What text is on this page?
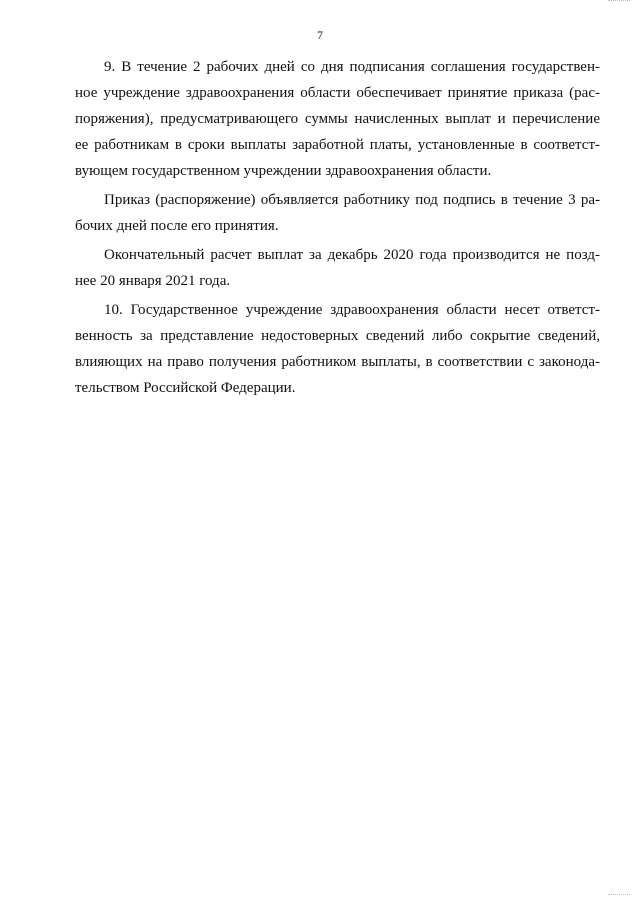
7
9. В течение 2 рабочих дней со дня подписания соглашения государствен-
ное учреждение здравоохранения области обеспечивает принятие приказа (рас-
поряжения), предусматривающего суммы начисленных выплат и перечисление
ее работникам в сроки выплаты заработной платы, установленные в соответст-
вующем государственном учреждении здравоохранения области.
Приказ (распоряжение) объявляется работнику под подпись в течение 3 ра-
бочих дней после его принятия.
Окончательный расчет выплат за декабрь 2020 года производится не позд-
нее 20 января 2021 года.
10. Государственное учреждение здравоохранения области несет ответст-
венность за представление недостоверных сведений либо сокрытие сведений,
влияющих на право получения работником выплаты, в соответствии с законода-
тельством Российской Федерации.
